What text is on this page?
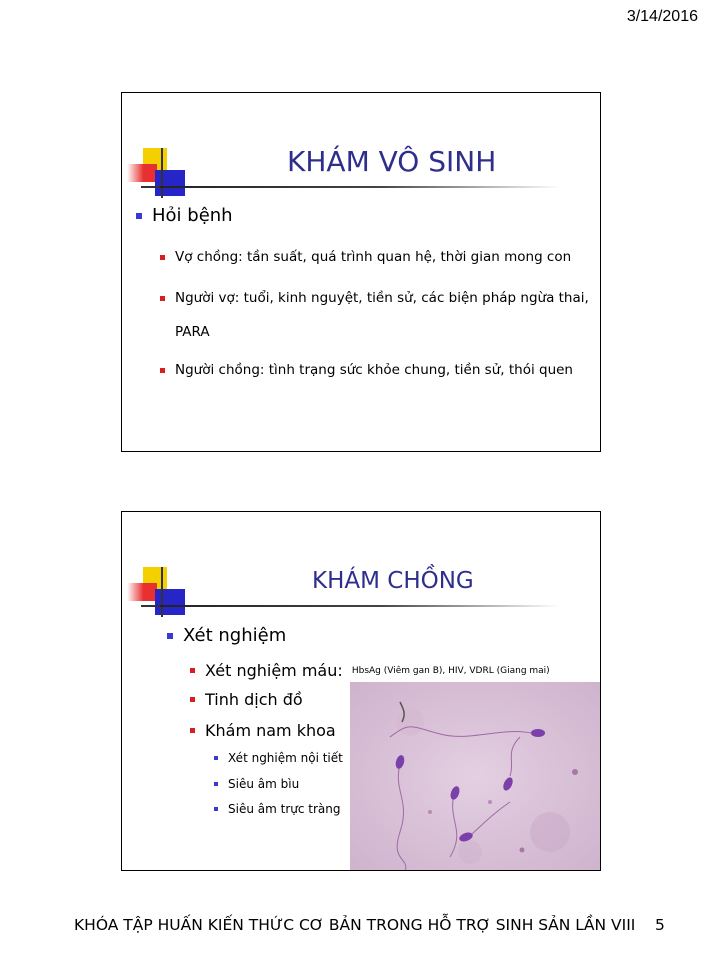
3/14/2016
KHÁM VÔ SINH
Hỏi bệnh
Vợ chồng: tần suất, quá trình quan hệ, thời gian mong con
Người vợ: tuổi, kinh nguyệt, tiền sử, các biện pháp ngừa thai,
PARA
Người chồng: tình trạng sức khỏe chung, tiền sử, thói quen
KHÁM CHỒNG
Xét nghiệm
Xét nghiệm máu: HbsAg (Viêm gan B), HIV, VDRL (Giang mai)
Tinh dịch đồ
Khám nam khoa
Xét nghiệm nội tiết
Siêu âm bìu
Siêu âm trực tràng
KHÓA TẬP HUẤN KIẾN THỨC CƠ BẢN TRONG HỖ TRỢ SINH SẢN LẦN VIII 5
